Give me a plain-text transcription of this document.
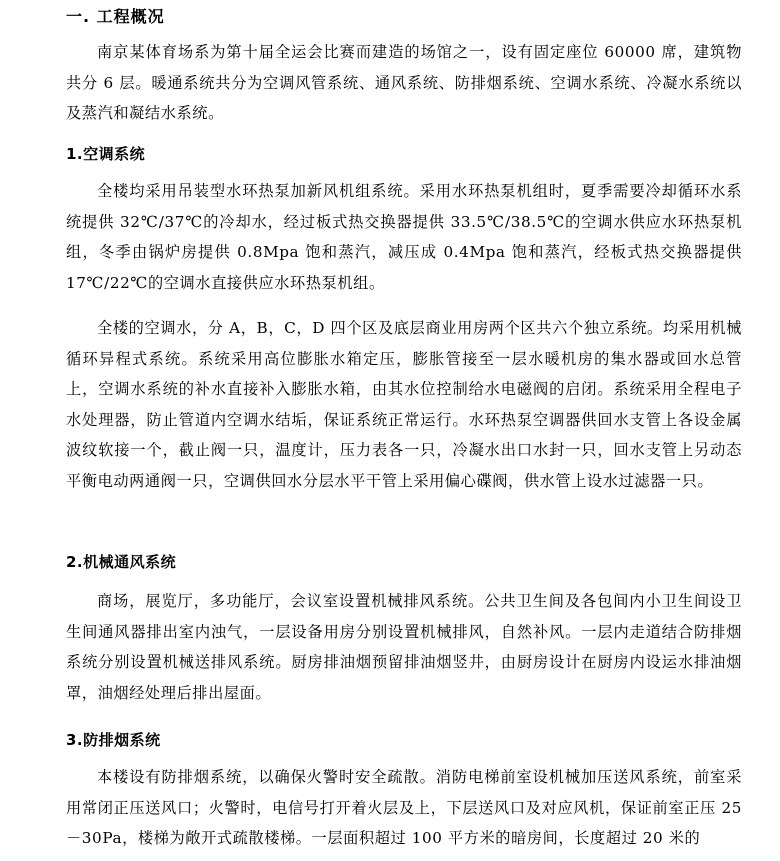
一. 工程概况

南京某体育场系为第十届全运会比赛而建造的场馆之一，设有固定座位 60000 席，建筑物共分 6 层。暖通系统共分为空调风管系统、通风系统、防排烟系统、空调水系统、冷凝水系统以及蒸汽和凝结水系统。

1.空调系统

全楼均采用吊装型水环热泵加新风机组系统。采用水环热泵机组时，夏季需要冷却循环水系统提供 32℃/37℃的冷却水，经过板式热交换器提供 33.5℃/38.5℃的空调水供应水环热泵机组，冬季由锅炉房提供 0.8Mpa 饱和蒸汽，减压成 0.4Mpa 饱和蒸汽，经板式热交换器提供 17℃/22℃的空调水直接供应水环热泵机组。

全楼的空调水，分 A，B，C，D 四个区及底层商业用房两个区共六个独立系统。均采用机械循环异程式系统。系统采用高位膨胀水箱定压，膨胀管接至一层水暖机房的集水器或回水总管上，空调水系统的补水直接补入膨胀水箱，由其水位控制给水电磁阀的启闭。系统采用全程电子水处理器，防止管道内空调水结垢，保证系统正常运行。水环热泵空调器供回水支管上各设金属波纹软接一个，截止阀一只，温度计，压力表各一只，冷凝水出口水封一只，回水支管上另动态平衡电动两通阀一只，空调供回水分层水平干管上采用偏心碟阀，供水管上设水过滤器一只。

2.机械通风系统

商场，展览厅，多功能厅，会议室设置机械排风系统。公共卫生间及各包间内小卫生间设卫生间通风器排出室内浊气，一层设备用房分别设置机械排风，自然补风。一层内走道结合防排烟系统分别设置机械送排风系统。厨房排油烟预留排油烟竖井，由厨房设计在厨房内设运水排油烟罩，油烟经处理后排出屋面。

3.防排烟系统

本楼设有防排烟系统，以确保火警时安全疏散。消防电梯前室设机械加压送风系统，前室采用常闭正压送风口；火警时，电信号打开着火层及上，下层送风口及对应风机，保证前室正压 25－30Pa，楼梯为敞开式疏散楼梯。一层面积超过 100 平方米的暗房间，长度超过 20 米的
